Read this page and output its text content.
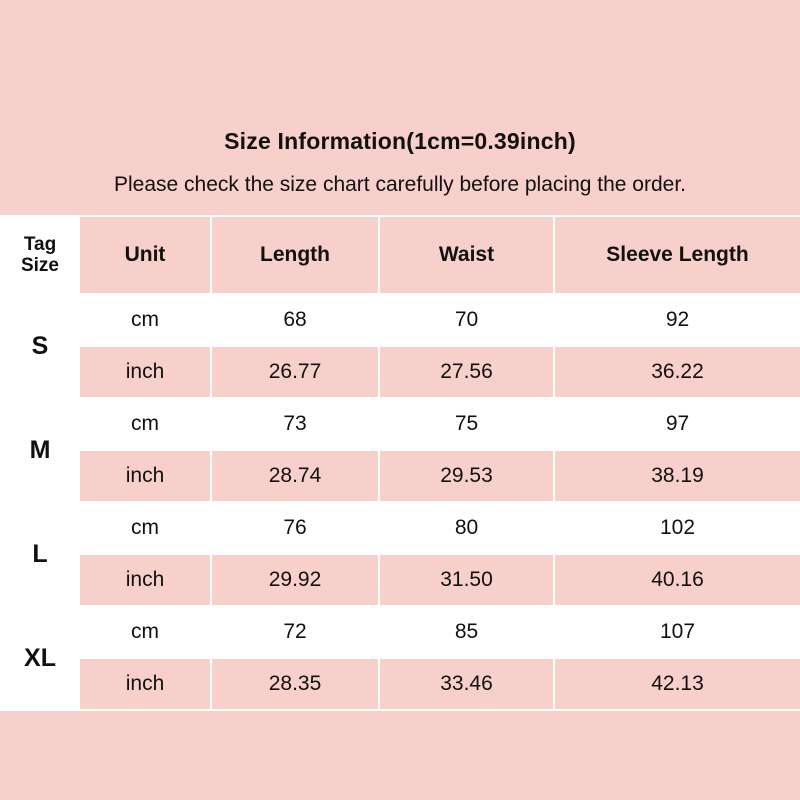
Size Information(1cm=0.39inch)
Please check the size chart carefully before placing the order.
Tag
Size	Unit	Length	Waist	Sleeve Length
S	cm	68	70	92
	inch	26.77	27.56	36.22
M	cm	73	75	97
	inch	28.74	29.53	38.19
L	cm	76	80	102
	inch	29.92	31.50	40.16
XL	cm	72	85	107
	inch	28.35	33.46	42.13
